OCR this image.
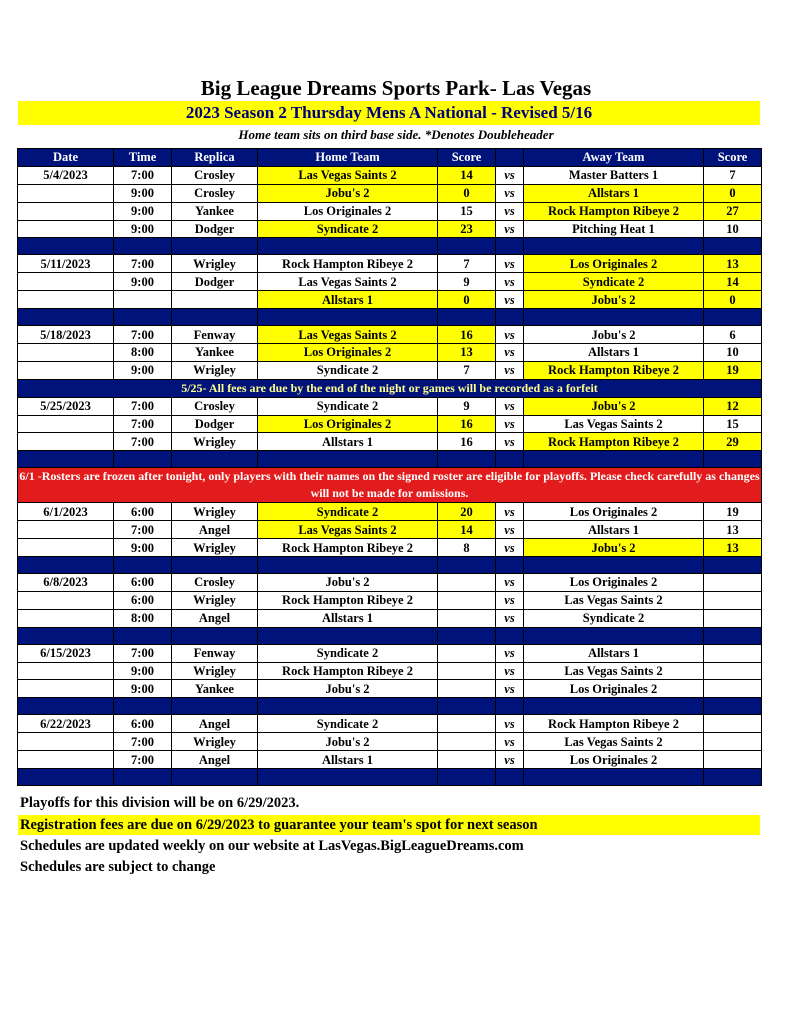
Big League Dreams Sports Park- Las Vegas
2023 Season 2 Thursday Mens A National - Revised 5/16
Home team sits on third base side. *Denotes Doubleheader
Date	Time	Replica	Home Team	Score		Away Team	Score
5/4/2023	7:00	Crosley	Las Vegas Saints 2	14	vs	Master Batters 1	7
	9:00	Crosley	Jobu's 2	0	vs	Allstars 1	0
	9:00	Yankee	Los Originales 2	15	vs	Rock Hampton Ribeye 2	27
	9:00	Dodger	Syndicate 2	23	vs	Pitching Heat 1	10

5/11/2023	7:00	Wrigley	Rock Hampton Ribeye 2	7	vs	Los Originales 2	13
	9:00	Dodger	Las Vegas Saints 2	9	vs	Syndicate 2	14
			Allstars 1	0	vs	Jobu's 2	0

5/18/2023	7:00	Fenway	Las Vegas Saints 2	16	vs	Jobu's 2	6
	8:00	Yankee	Los Originales 2	13	vs	Allstars 1	10
	9:00	Wrigley	Syndicate 2	7	vs	Rock Hampton Ribeye 2	19
5/25- All fees are due by the end of the night or games will be recorded as a forfeit							
5/25/2023	7:00	Crosley	Syndicate 2	9	vs	Jobu's 2	12
	7:00	Dodger	Los Originales 2	16	vs	Las Vegas Saints 2	15
	7:00	Wrigley	Allstars 1	16	vs	Rock Hampton Ribeye 2	29

6/1 -Rosters are frozen after tonight, only players with their names on the signed roster are eligible for playoffs. Please check carefully as changes will not be made for omissions.							
6/1/2023	6:00	Wrigley	Syndicate 2	20	vs	Los Originales 2	19
	7:00	Angel	Las Vegas Saints 2	14	vs	Allstars 1	13
	9:00	Wrigley	Rock Hampton Ribeye 2	8	vs	Jobu's 2	13

6/8/2023	6:00	Crosley	Jobu's 2		vs	Los Originales 2	
	6:00	Wrigley	Rock Hampton Ribeye 2		vs	Las Vegas Saints 2	
	8:00	Angel	Allstars 1		vs	Syndicate 2	

6/15/2023	7:00	Fenway	Syndicate 2		vs	Allstars 1	
	9:00	Wrigley	Rock Hampton Ribeye 2		vs	Las Vegas Saints 2	
	9:00	Yankee	Jobu's 2		vs	Los Originales 2	

6/22/2023	6:00	Angel	Syndicate 2		vs	Rock Hampton Ribeye 2	
	7:00	Wrigley	Jobu's 2		vs	Las Vegas Saints 2	
	7:00	Angel	Allstars 1		vs	Los Originales 2	

Playoffs for this division will be on 6/29/2023.
Registration fees are due on 6/29/2023 to guarantee your team's spot for next season
Schedules are updated weekly on our website at LasVegas.BigLeagueDreams.com
Schedules are subject to change
